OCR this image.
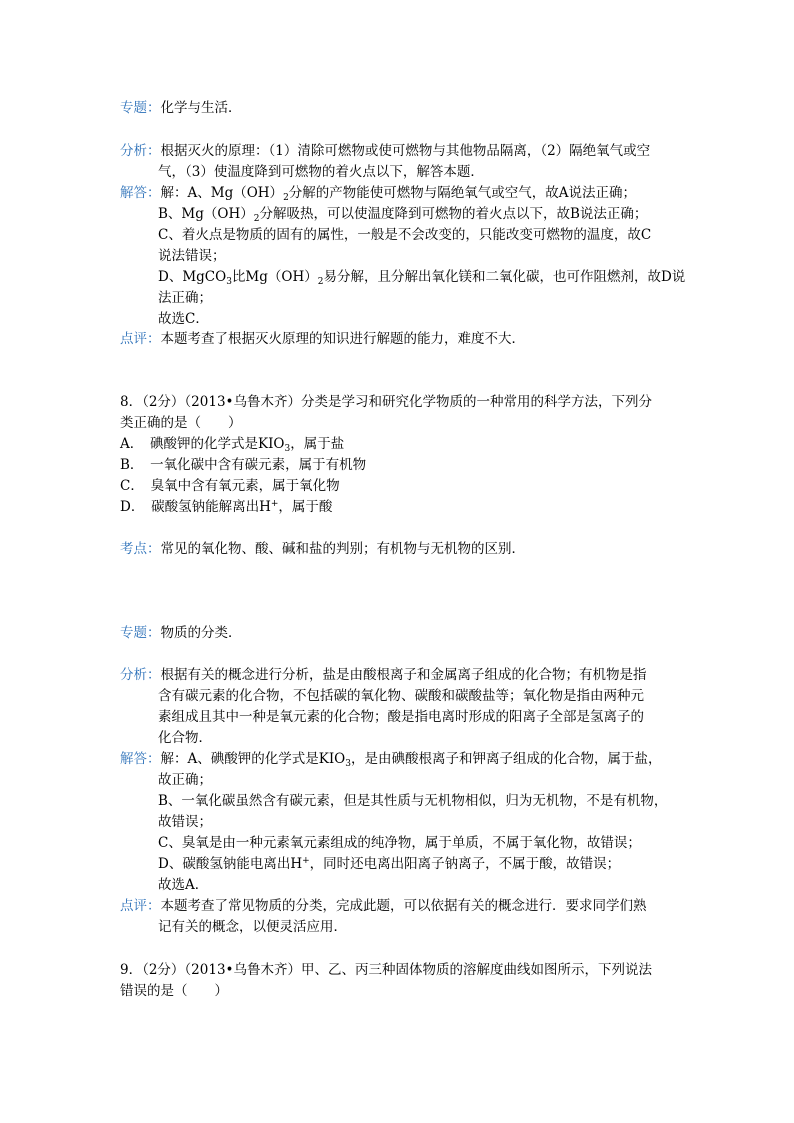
专题：化学与生活．
分析：根据灭火的原理：（1）清除可燃物或使可燃物与其他物品隔离，（2）隔绝氧气或空
气，（3）使温度降到可燃物的着火点以下，解答本题．
解答：解：A、$Mg(OH)_2$分解的产物能使可燃物与隔绝氧气或空气，故A说法正确；
B、$Mg(OH)_2$分解吸热，可以使温度降到可燃物的着火点以下，故B说法正确；
C、着火点是物质的固有的属性，一般是不会改变的，只能改变可燃物的温度，故C
说法错误；
D、MgCO$_3$比$Mg(OH)_2$易分解，且分解出氧化镁和二氧化碳，也可作阻燃剂，故D说
法正确；
故选C．
点评：本题考查了根据灭火原理的知识进行解题的能力，难度不大．
8．（2分）（2013•乌鲁木齐）分类是学习和研究化学物质的一种常用的科学方法，下列分
类正确的是（　　）
A．　碘酸钾的化学式是$KIO_3$，属于盐
B．　一氧化碳中含有碳元素，属于有机物
C．　臭氧中含有氧元素，属于氧化物
D．　碳酸氢钠能解离出H+，属于酸
考点：常见的氧化物、酸、碱和盐的判别；有机物与无机物的区别．
专题：物质的分类．
分析：根据有关的概念进行分析，盐是由酸根离子和金属离子组成的化合物；有机物是指
含有碳元素的化合物，不包括碳的氧化物、碳酸和碳酸盐等；氧化物是指由两种元
素组成且其中一种是氧元素的化合物；酸是指电离时形成的阳离子全部是氢离子的
化合物．
解答：解：A、碘酸钾的化学式是$KIO_3$，是由碘酸根离子和钾离子组成的化合物，属于盐，
故正确；
B、一氧化碳虽然含有碳元素，但是其性质与无机物相似，归为无机物，不是有机物，
故错误；
C、臭氧是由一种元素氧元素组成的纯净物，属于单质，不属于氧化物，故错误；
D、碳酸氢钠能电离出H+，同时还电离出阳离子钠离子，不属于酸，故错误；
故选A．
点评：本题考查了常见物质的分类，完成此题，可以依据有关的概念进行．要求同学们熟
记有关的概念，以便灵活应用．
9．（2分）（2013•乌鲁木齐）甲、乙、丙三种固体物质的溶解度曲线如图所示，下列说法
错误的是（　　）
